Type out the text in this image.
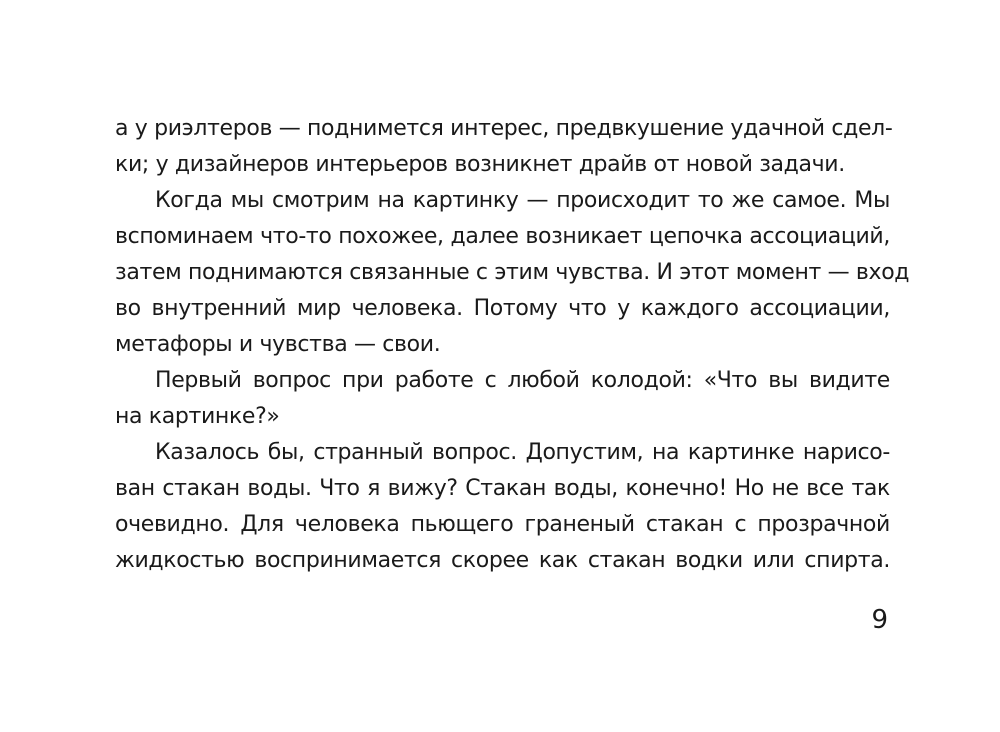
а у риэлтеров — поднимется интерес, предвкушение удачной сдел-
ки; у дизайнеров интерьеров возникнет драйв от новой задачи.
Когда мы смотрим на картинку — происходит то же самое. Мы
вспоминаем что-то похожее, далее возникает цепочка ассоциаций,
затем поднимаются связанные с этим чувства. И этот момент — вход
во внутренний мир человека. Потому что у каждого ассоциации,
метафоры и чувства — свои.
Первый вопрос при работе с любой колодой: «Что вы видите
на картинке?»
Казалось бы, странный вопрос. Допустим, на картинке нарисо-
ван стакан воды. Что я вижу? Стакан воды, конечно! Но не все так
очевидно. Для человека пьющего граненый стакан с прозрачной
жидкостью воспринимается скорее как стакан водки или спирта.
9
